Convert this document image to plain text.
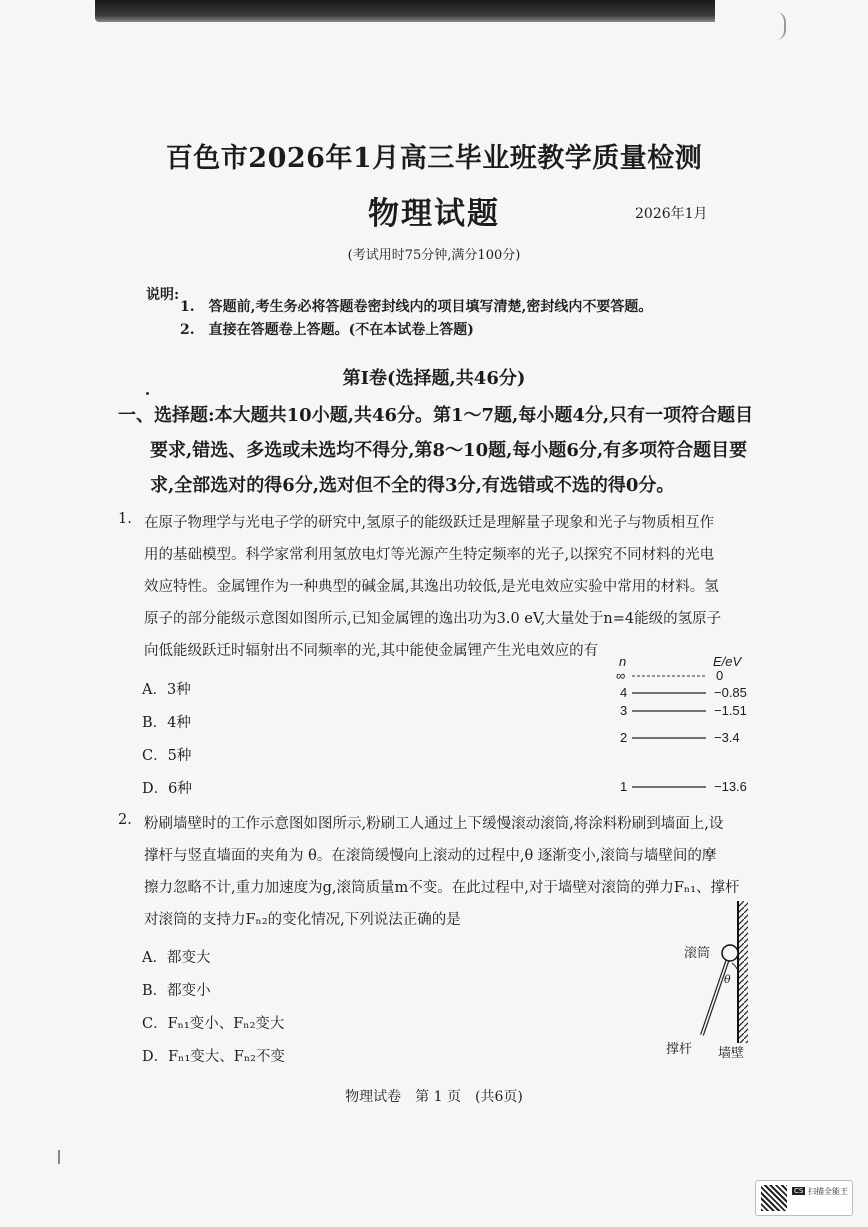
百色市2026年1月高三毕业班教学质量检测
物理试题	2026年1月
(考试用时75分钟,满分100分)
说明:
1.　答题前,考生务必将答题卷密封线内的项目填写清楚,密封线内不要答题。
2.　直接在答题卷上答题。(不在本试卷上答题)
第Ⅰ卷(选择题,共46分)
一、选择题:本大题共10小题,共46分。第1～7题,每小题4分,只有一项符合题目
要求,错选、多选或未选均不得分,第8～10题,每小题6分,有多项符合题目要
求,全部选对的得6分,选对但不全的得3分,有选错或不选的得0分。
1. 在原子物理学与光电子学的研究中,氢原子的能级跃迁是理解量子现象和光子与物质相互作
用的基础模型。科学家常利用氢放电灯等光源产生特定频率的光子,以探究不同材料的光电
效应特性。金属锂作为一种典型的碱金属,其逸出功较低,是光电效应实验中常用的材料。氢
原子的部分能级示意图如图所示,已知金属锂的逸出功为3.0 eV,大量处于n=4能级的氢原子
向低能级跃迁时辐射出不同频率的光,其中能使金属锂产生光电效应的有
A．3种
B．4种
C．5种
D．6种
n	E/eV
∞	0
4	−0.85
3	−1.51
2	−3.4
1	−13.6
2. 粉刷墙壁时的工作示意图如图所示,粉刷工人通过上下缓慢滚动滚筒,将涂料粉刷到墙面上,设
撑杆与竖直墙面的夹角为 θ。在滚筒缓慢向上滚动的过程中,θ 逐渐变小,滚筒与墙壁间的摩
擦力忽略不计,重力加速度为g,滚筒质量m不变。在此过程中,对于墙壁对滚筒的弹力Fₙ₁、撑杆
对滚筒的支持力Fₙ₂的变化情况,下列说法正确的是
A．都变大
B．都变小
C．Fₙ₁变小、Fₙ₂变大
D．Fₙ₁变大、Fₙ₂不变
滚筒
θ
撑杆 墙壁
物理试卷　第 1 页　(共6页)
CS 扫描全能王
